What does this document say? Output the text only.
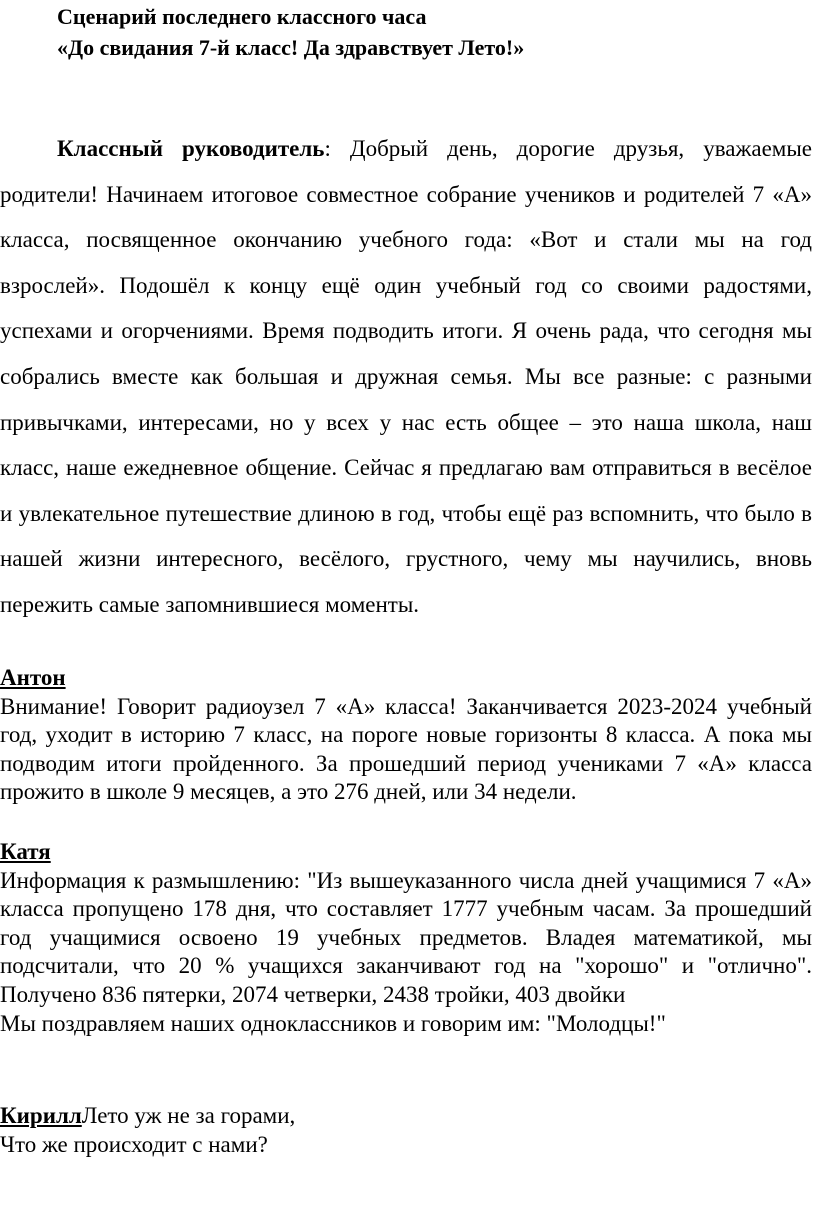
Сценарий последнего классного часа

«До свидания 7-й класс! Да здравствует Лето!»

Классный руководитель: Добрый день, дорогие друзья, уважаемые родители! Начинаем итоговое совместное собрание учеников и родителей 7 «А» класса, посвященное окончанию учебного года: «Вот и стали мы на год взрослей». Подошёл к концу ещё один учебный год со своими радостями, успехами и огорчениями. Время подводить итоги. Я очень рада, что сегодня мы собрались вместе как большая и дружная семья. Мы все разные: с разными привычками, интересами, но у всех у нас есть общее – это наша школа, наш класс, наше ежедневное общение. Сейчас я предлагаю вам отправиться в весёлое и увлекательное путешествие длиною в год, чтобы ещё раз вспомнить, что было в нашей жизни интересного, весёлого, грустного, чему мы научились, вновь пережить самые запомнившиеся моменты.

Антон

Внимание! Говорит радиоузел 7 «А» класса! Заканчивается 2023-2024 учебный год, уходит в историю 7 класс, на пороге новые горизонты 8 класса. А пока мы подводим итоги пройденного. За прошедший период учениками 7 «А» класса прожито в школе 9 месяцев, а это 276 дней, или 34 недели.

Катя

Информация к размышлению: "Из вышеуказанного числа дней учащимися 7 «А» класса пропущено 178 дня, что составляет 1777 учебным часам. За прошедший год учащимися освоено 19 учебных предметов. Владея математикой, мы подсчитали, что 20 % учащихся заканчивают год на "хорошо" и "отлично". Получено 836 пятерки, 2074 четверки, 2438 тройки, 403 двойки

Мы поздравляем наших одноклассников и говорим им: "Молодцы!"

КириллЛето уж не за горами,

Что же происходит с нами?
